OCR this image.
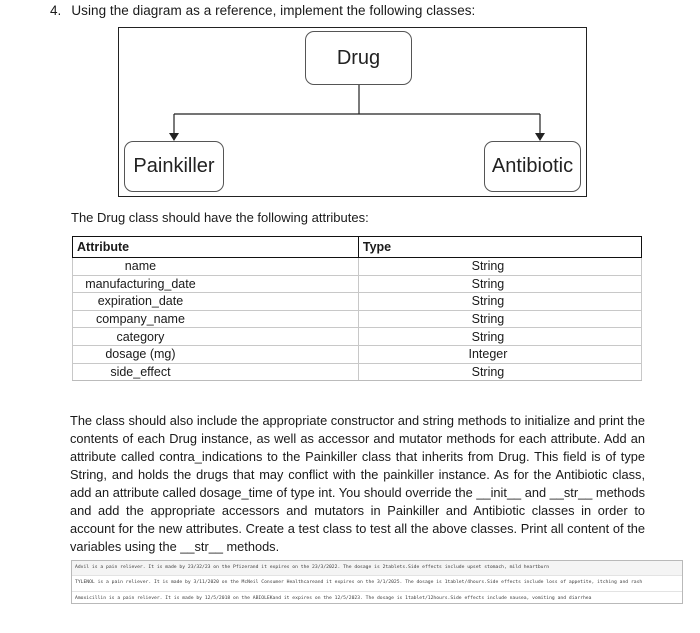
4. Using the diagram as a reference, implement the following classes:
Drug
Painkiller	Antibiotic
The Drug class should have the following attributes:
Attribute	Type
name	String
manufacturing_date	String
expiration_date	String
company_name	String
category	String
dosage (mg)	Integer
side_effect	String
The class should also include the appropriate constructor and string methods to initialize and print the contents of each Drug instance, as well as accessor and mutator methods for each attribute. Add an attribute called contra_indications to the Painkiller class that inherits from Drug. This field is of type String, and holds the drugs that may conflict with the painkiller instance. As for the Antibiotic class, add an attribute called dosage_time of type int. You should override the __init__ and __str__ methods and add the appropriate accessors and mutators in Painkiller and Antibiotic classes in order to account for the new attributes. Create a test class to test all the above classes. Print all content of the variables using the __str__ methods.
Advil is a pain reliever. It is made by 23/32/23 on the Pfizerand it expires on the 23/3/2022. The dosage is 2tablets.Side effects include upset stomach, mild heartburn
TYLENOL is a pain reliever. It is made by 3/11/2020 on the McNeil Consumer Healthcareand it expires on the 3/1/2025. The dosage is 1tablet/4hours.Side effects include loss of appetite, itching and rash
Amoxicillin is a pain reliever. It is made by 12/5/2018 on the ABIOLEKand it expires on the 12/5/2023. The dosage is 1tablet/12hours.Side effects include nausea, vomiting and diarrhea
